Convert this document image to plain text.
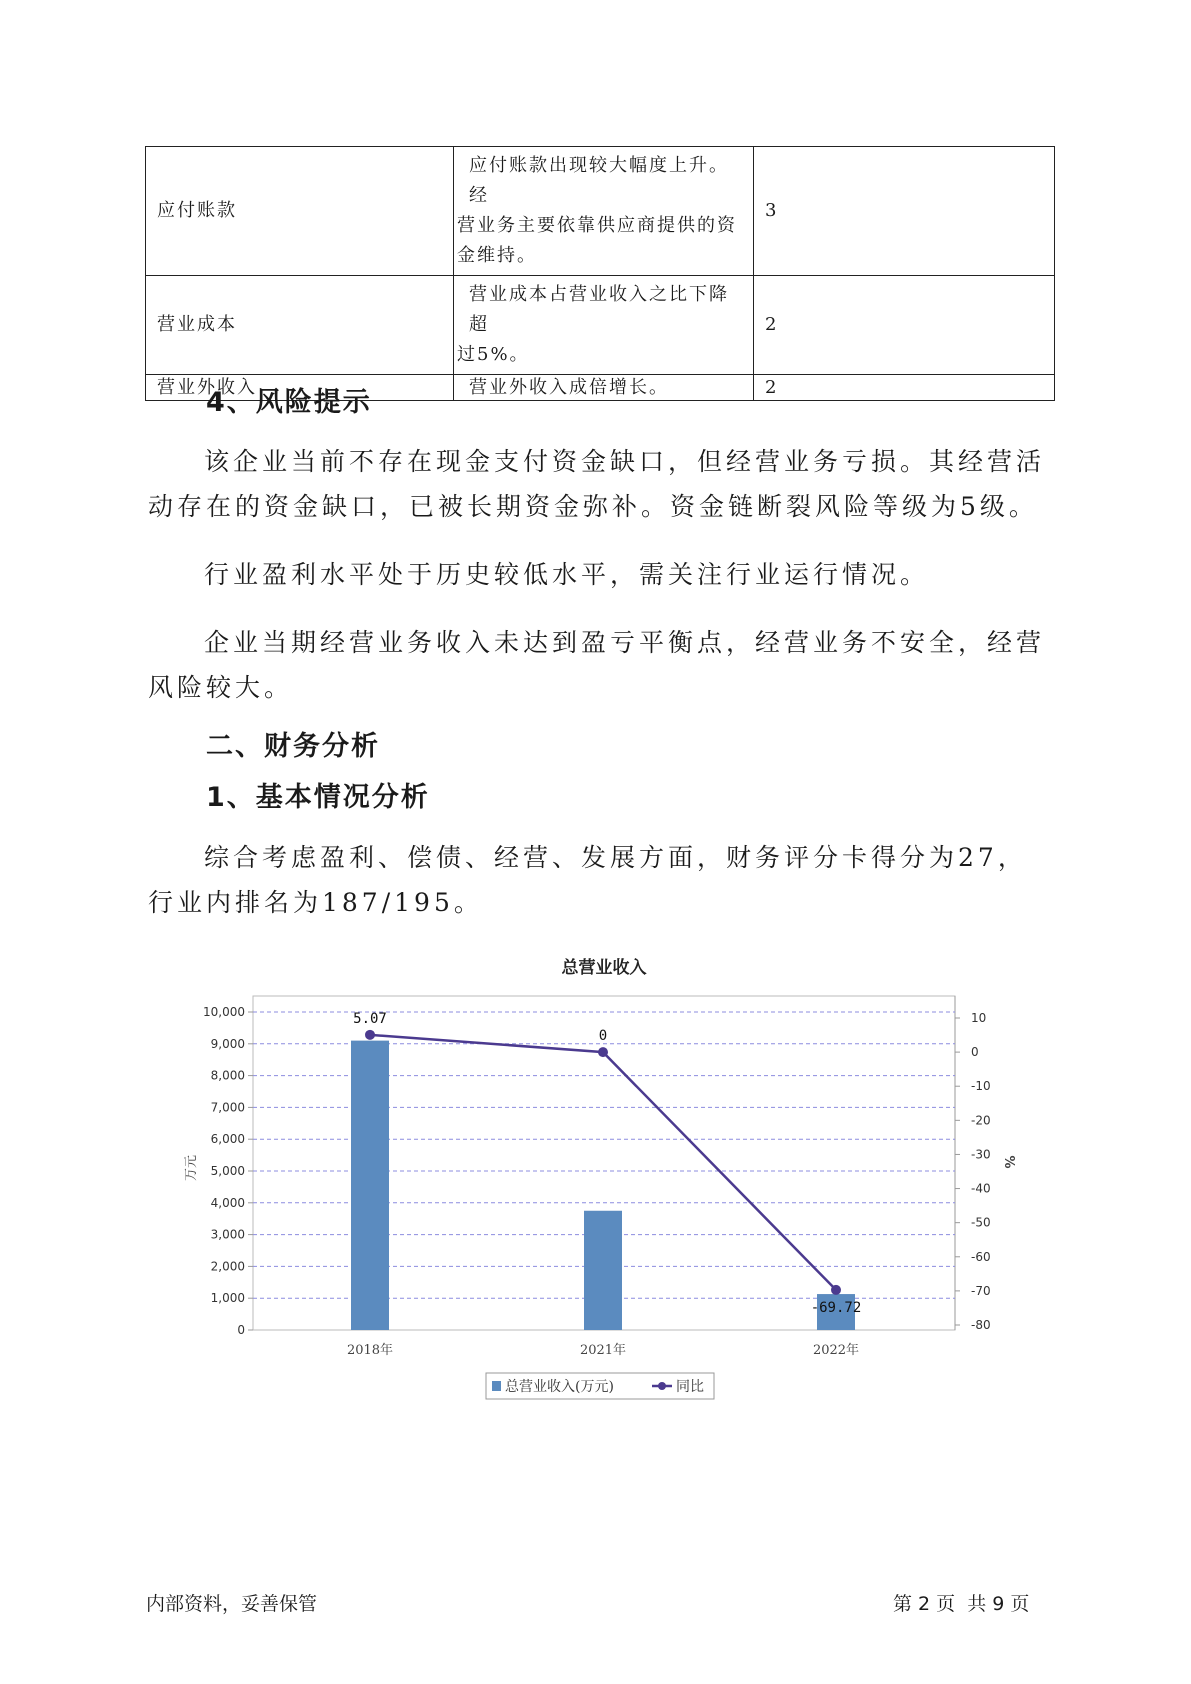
应付账款	应付账款出现较大幅度上升。经
营业务主要依靠供应商提供的资
金维持。	3
营业成本	营业成本占营业收入之比下降超
过5%。	2
营业外收入	营业外收入成倍增长。	2
4、风险提示
该企业当前不存在现金支付资金缺口，但经营业务亏损。其经营活动存在的资金缺口，已被长期资金弥补。资金链断裂风险等级为5级。
行业盈利水平处于历史较低水平，需关注行业运行情况。
企业当期经营业务收入未达到盈亏平衡点，经营业务不安全，经营风险较大。
二、财务分析
1、基本情况分析
综合考虑盈利、偿债、经营、发展方面，财务评分卡得分为27，行业内排名为187/195。
总营业收入
0
1,000
2,000
3,000
4,000
5,000
6,000
7,000
8,000
9,000
10,000	10
0
-10
-20
-30
-40
-50
-60
-70
-80
万元	%
2018年	2021年	2022年
5.07
0
-69.72
总营业收入(万元)	同比
内部资料，妥善保管	第 2 页  共 9 页
